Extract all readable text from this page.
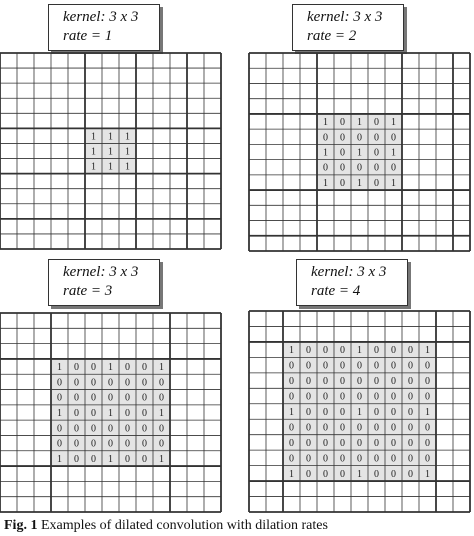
kernel: 3 x 3
rate = 1
1 1 1
1 1 1
1 1 1
kernel: 3 x 3
rate = 2
1 0 1 0 1
0 0 0 0 0
1 0 1 0 1
0 0 0 0 0
1 0 1 0 1
kernel: 3 x 3
rate = 3
1 0 0 1 0 0 1
0 0 0 0 0 0 0
0 0 0 0 0 0 0
1 0 0 1 0 0 1
0 0 0 0 0 0 0
0 0 0 0 0 0 0
1 0 0 1 0 0 1
kernel: 3 x 3
rate = 4
1 0 0 0 1 0 0 0 1
0 0 0 0 0 0 0 0 0
0 0 0 0 0 0 0 0 0
0 0 0 0 0 0 0 0 0
1 0 0 0 1 0 0 0 1
0 0 0 0 0 0 0 0 0
0 0 0 0 0 0 0 0 0
0 0 0 0 0 0 0 0 0
1 0 0 0 1 0 0 0 1
Fig. 1 Examples of dilated convolution with dilation rates
